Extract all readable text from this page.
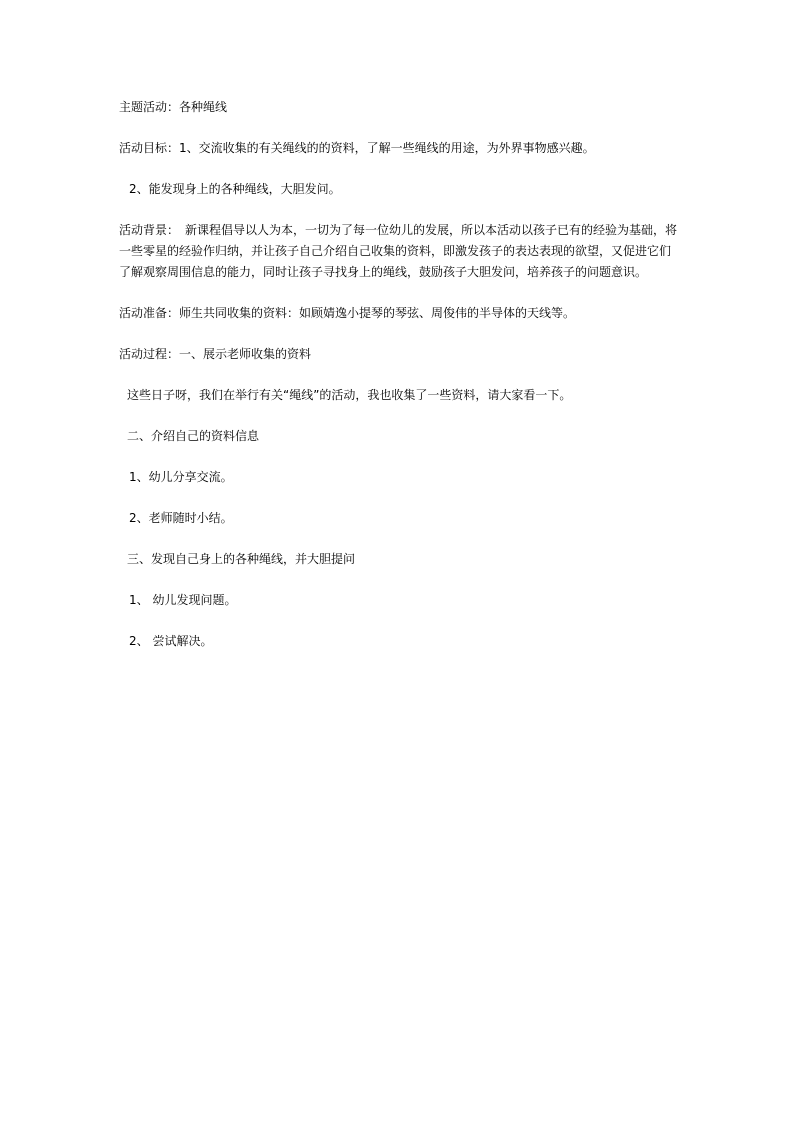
主题活动：各种绳线

活动目标：1、交流收集的有关绳线的的资料，了解一些绳线的用途，为外界事物感兴趣。

2、能发现身上的各种绳线，大胆发问。

活动背景：　新课程倡导以人为本，一切为了每一位幼儿的发展，所以本活动以孩子已有的经验为基础，将一些零星的经验作归纳，并让孩子自己介绍自己收集的资料，即激发孩子的表达表现的欲望，又促进它们了解观察周围信息的能力，同时让孩子寻找身上的绳线，鼓励孩子大胆发问，培养孩子的问题意识。

活动准备：师生共同收集的资料：如顾婧逸小提琴的琴弦、周俊伟的半导体的天线等。

活动过程：一、展示老师收集的资料

这些日子呀，我们在举行有关“绳线”的活动，我也收集了一些资料，请大家看一下。

二、介绍自己的资料信息

1、幼儿分享交流。

2、老师随时小结。

三、发现自己身上的各种绳线，并大胆提问

1、 幼儿发现问题。

2、 尝试解决。
